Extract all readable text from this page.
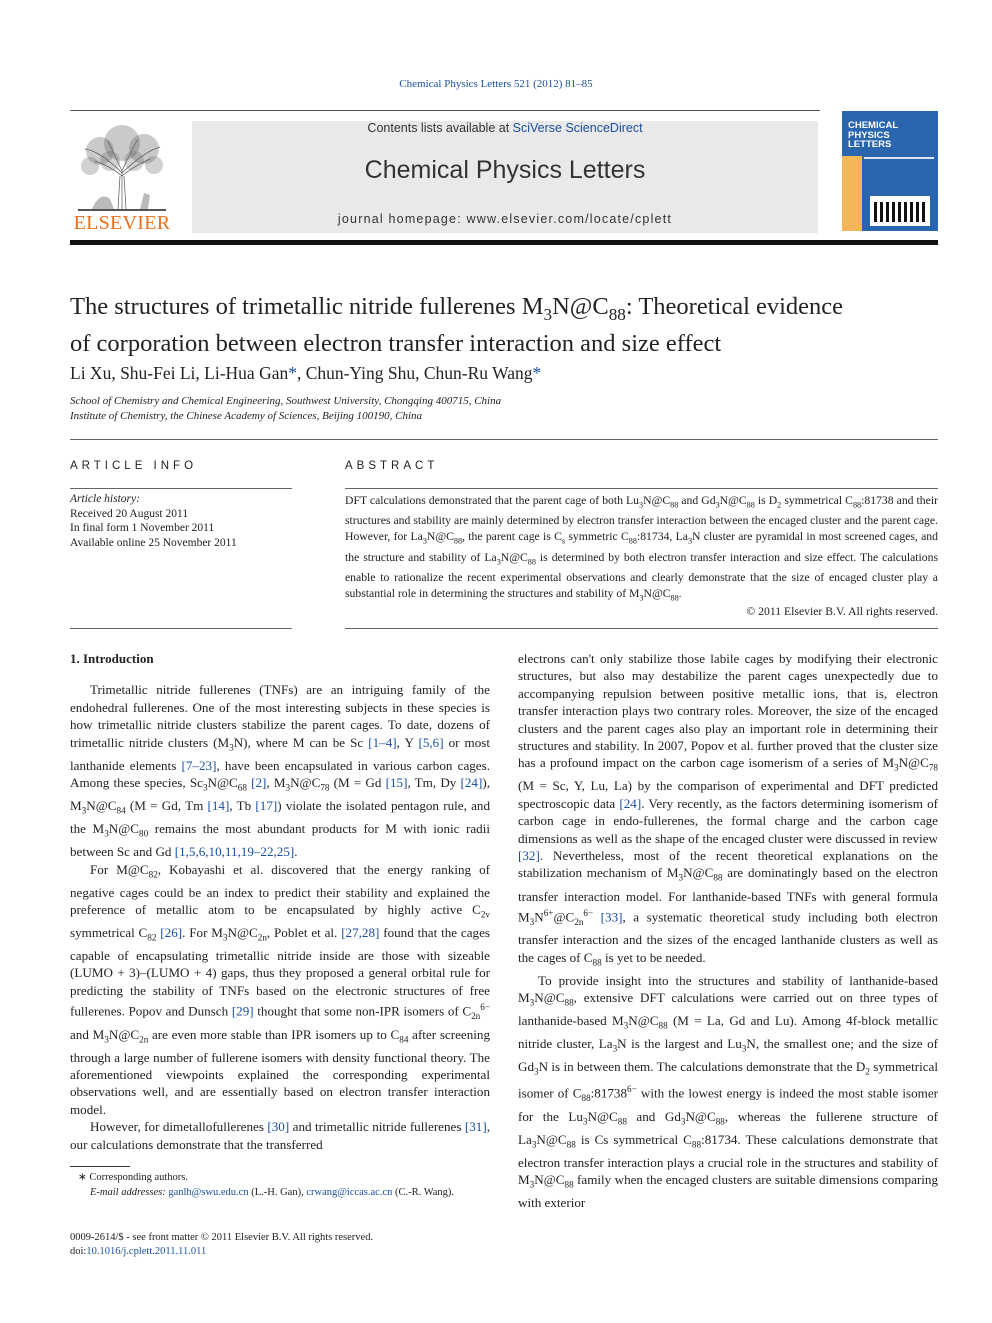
Chemical Physics Letters 521 (2012) 81–85
ELSEVIER
Contents lists available at SciVerse ScienceDirect
Chemical Physics Letters
journal homepage: www.elsevier.com/locate/cplett
CHEMICAL
PHYSICS
LETTERS
The structures of trimetallic nitride fullerenes $M_3N@C_{88}$: Theoretical evidence
of corporation between electron transfer interaction and size effect
Li Xu, Shu-Fei Li, Li-Hua Gan*, Chun-Ying Shu, Chun-Ru Wang*
School of Chemistry and Chemical Engineering, Southwest University, Chongqing 400715, China
Institute of Chemistry, the Chinese Academy of Sciences, Beijing 100190, China
ARTICLE INFO
Article history:
Received 20 August 2011
In final form 1 November 2011
Available online 25 November 2011
ABSTRACT
DFT calculations demonstrated that the parent cage of both $Lu_3N@C_{88}$ and $Gd_3N@C_{88}$ is $D_2$ symmetrical $C_{88}:81738$ and their structures and stability are mainly determined by electron transfer interaction between the encaged cluster and the parent cage. However, for $La_3N@C_{88}$, the parent cage is $C_s$ symmetric $C_{88}:81734$, $La_3N$ cluster are pyramidal in most screened cages, and the structure and stability of $La_3N@C_{88}$ is determined by both electron transfer interaction and size effect. The calculations enable to rationalize the recent experimental observations and clearly demonstrate that the size of encaged cluster play a substantial role in determining the structures and stability of $M_3N@C_{88}$.
© 2011 Elsevier B.V. All rights reserved.
1. Introduction

Trimetallic nitride fullerenes (TNFs) are an intriguing family of the endohedral fullerenes. One of the most interesting subjects in these species is how trimetallic nitride clusters stabilize the parent cages. To date, dozens of trimetallic nitride clusters $(M_3N)$, where M can be Sc [1–4], Y [5,6] or most lanthanide elements [7–23], have been encapsulated in various carbon cages. Among these species, $Sc_3N@C_{68}$ [2], $M_3N@C_{78}$ (M = Gd [15], Tm, Dy [24]), $M_3N@C_{84}$ (M = Gd, Tm [14], Tb [17]) violate the isolated pentagon rule, and the $M_3N@C_{80}$ remains the most abundant products for M with ionic radii between Sc and Gd [1,5,6,10,11,19–22,25].

For $M@C_{82}$, Kobayashi et al. discovered that the energy ranking of negative cages could be an index to predict their stability and explained the preference of metallic atom to be encapsulated by highly active $C_{2v}$ symmetrical $C_{82}$ [26]. For $M_3N@C_{2n}$, Poblet et al. [27,28] found that the cages capable of encapsulating trimetallic nitride inside are those with sizeable (LUMO + 3)–(LUMO + 4) gaps, thus they proposed a general orbital rule for predicting the stability of TNFs based on the electronic structures of free fullerenes. Popov and Dunsch [29] thought that some non-IPR isomers of $C_{2n}^{6-}$ and $M_3N@C_{2n}$ are even more stable than IPR isomers up to $C_{84}$ after screening through a large number of fullerene isomers with density functional theory. The aforementioned viewpoints explained the corresponding experimental observations well, and are essentially based on electron transfer interaction model.

However, for dimetallofullerenes [30] and trimetallic nitride fullerenes [31], our calculations demonstrate that the transferred

electrons can't only stabilize those labile cages by modifying their electronic structures, but also may destabilize the parent cages unexpectedly due to accompanying repulsion between positive metallic ions, that is, electron transfer interaction plays two contrary roles. Moreover, the size of the encaged clusters and the parent cages also play an important role in determining their structures and stability. In 2007, Popov et al. further proved that the cluster size has a profound impact on the carbon cage isomerism of a series of $M_3N@C_{78}$ (M = Sc, Y, Lu, La) by the comparison of experimental and DFT predicted spectroscopic data [24]. Very recently, as the factors determining isomerism of carbon cage in endo-fullerenes, the formal charge and the carbon cage dimensions as well as the shape of the encaged cluster were discussed in review [32]. Nevertheless, most of the recent theoretical explanations on the stabilization mechanism of $M_3N@C_{88}$ are dominatingly based on the electron transfer interaction model. For lanthanide-based TNFs with general formula $M_3N^{6+}@C_{2n}^{6-}$ [33], a systematic theoretical study including both electron transfer interaction and the sizes of the encaged lanthanide clusters as well as the cages of $C_{88}$ is yet to be needed.

To provide insight into the structures and stability of lanthanide-based $M_3N@C_{88}$, extensive DFT calculations were carried out on three types of lanthanide-based $M_3N@C_{88}$ (M = La, Gd and Lu). Among 4f-block metallic nitride cluster, $La_3N$ is the largest and $Lu_3N$, the smallest one; and the size of $Gd_3N$ is in between them. The calculations demonstrate that the $D_2$ symmetrical isomer of $C_{88}:81738^{6-}$ with the lowest energy is indeed the most stable isomer for the $Lu_3N@C_{88}$ and $Gd_3N@C_{88}$, whereas the fullerene structure of $La_3N@C_{88}$ is Cs symmetrical $C_{88}:81734$. These calculations demonstrate that electron transfer interaction plays a crucial role in the structures and stability of $M_3N@C_{88}$ family when the encaged clusters are suitable dimensions comparing with exterior

∗ Corresponding authors.
E-mail addresses: ganlh@swu.edu.cn (L.-H. Gan), crwang@iccas.ac.cn (C.-R. Wang).
0009-2614/$ - see front matter © 2011 Elsevier B.V. All rights reserved.
doi:10.1016/j.cplett.2011.11.011
